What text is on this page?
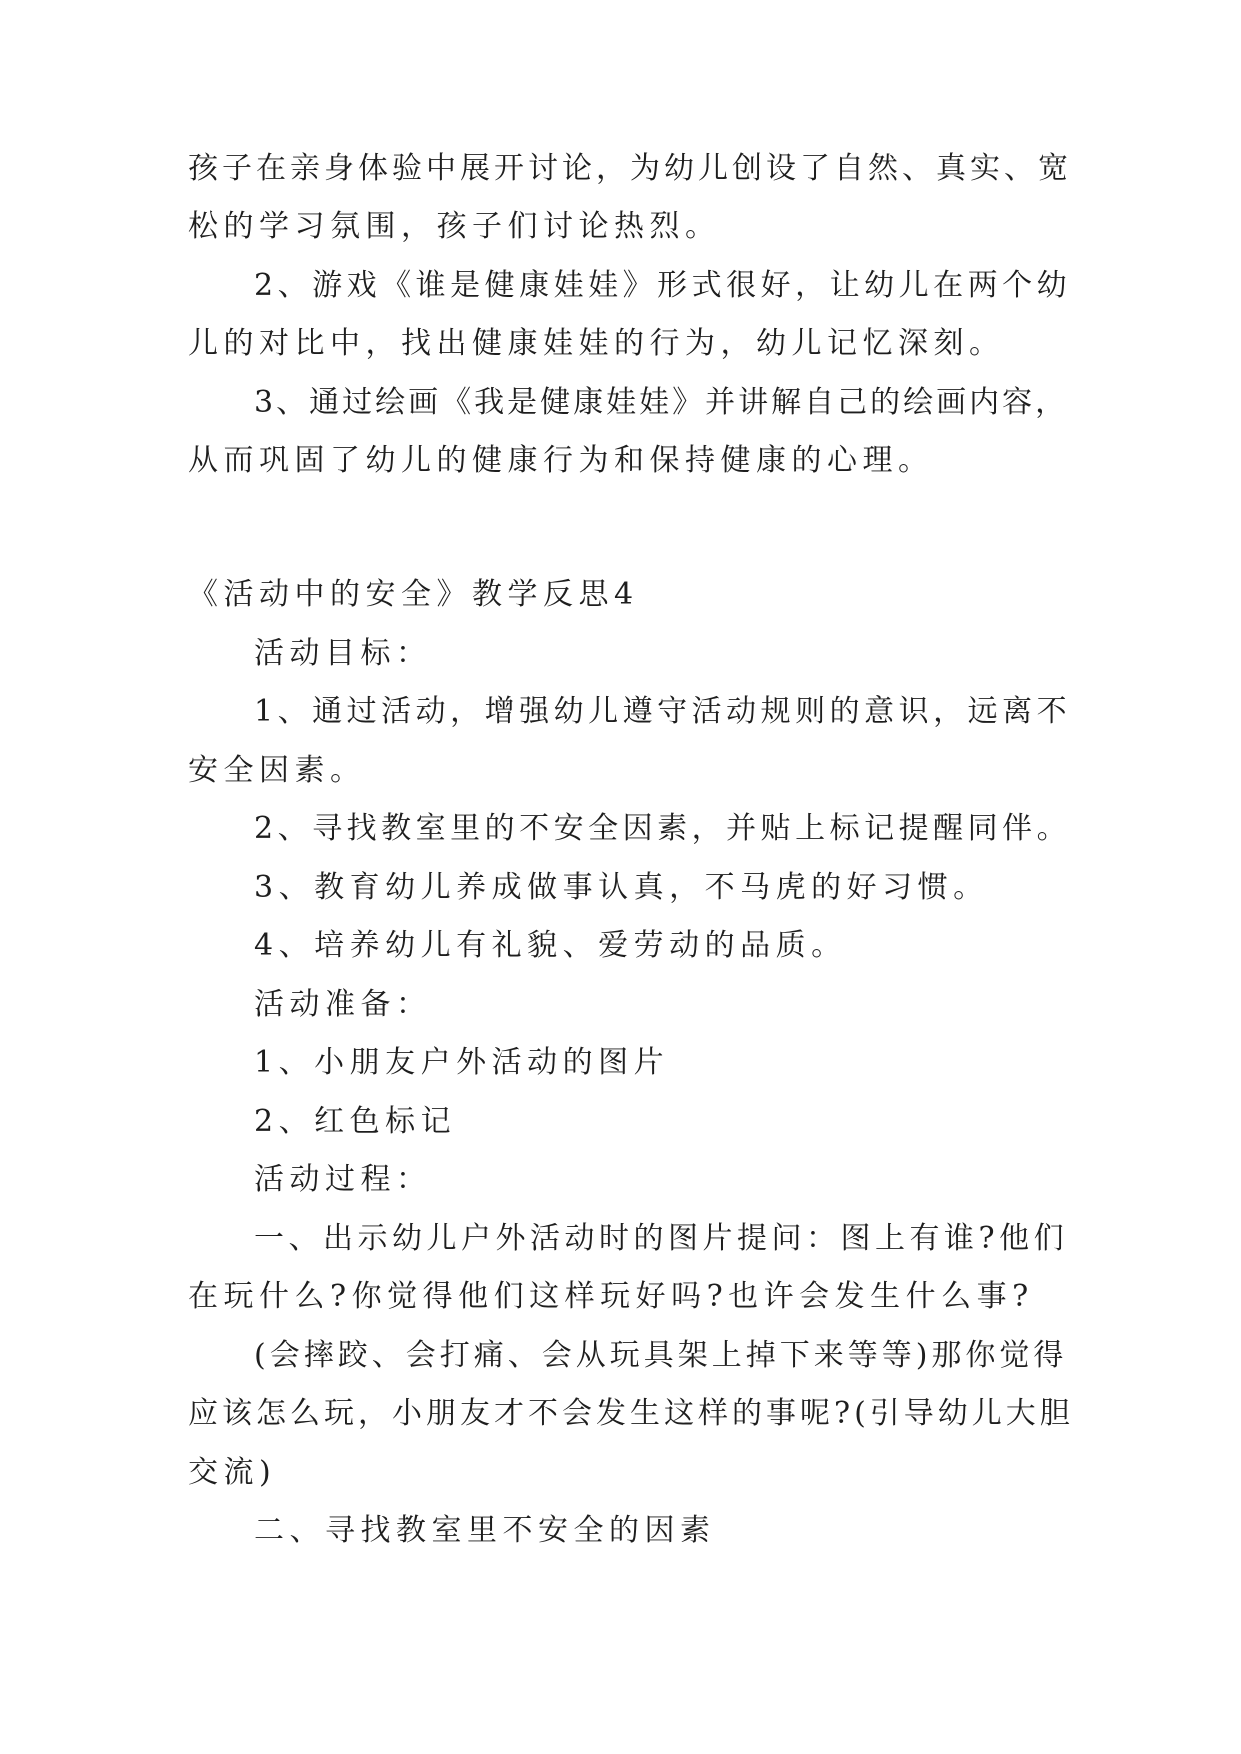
孩子在亲身体验中展开讨论，为幼儿创设了自然、真实、宽
松的学习氛围，孩子们讨论热烈。
2、游戏《谁是健康娃娃》形式很好，让幼儿在两个幼
儿的对比中，找出健康娃娃的行为，幼儿记忆深刻。
3、通过绘画《我是健康娃娃》并讲解自己的绘画内容，
从而巩固了幼儿的健康行为和保持健康的心理。
《活动中的安全》教学反思4
活动目标：
1、通过活动，增强幼儿遵守活动规则的意识，远离不
安全因素。
2、寻找教室里的不安全因素，并贴上标记提醒同伴。
3、教育幼儿养成做事认真，不马虎的好习惯。
4、培养幼儿有礼貌、爱劳动的品质。
活动准备：
1、小朋友户外活动的图片
2、红色标记
活动过程：
一、出示幼儿户外活动时的图片提问：图上有谁?他们
在玩什么?你觉得他们这样玩好吗?也许会发生什么事?
(会摔跤、会打痛、会从玩具架上掉下来等等)那你觉得
应该怎么玩，小朋友才不会发生这样的事呢?(引导幼儿大胆
交流)
二、寻找教室里不安全的因素
